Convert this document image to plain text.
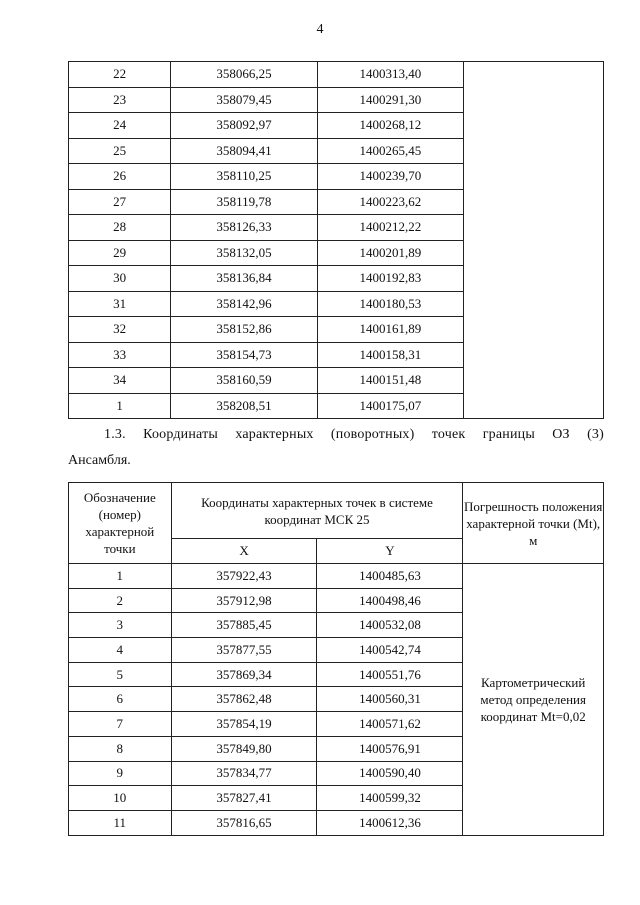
4
22	358066,25	1400313,40	
23	358079,45	1400291,30	
24	358092,97	1400268,12	
25	358094,41	1400265,45	
26	358110,25	1400239,70	
27	358119,78	1400223,62	
28	358126,33	1400212,22	
29	358132,05	1400201,89	
30	358136,84	1400192,83	
31	358142,96	1400180,53	
32	358152,86	1400161,89	
33	358154,73	1400158,31	
34	358160,59	1400151,48	
1	358208,51	1400175,07	
1.3. Координаты характерных (поворотных) точек границы ОЗ (3)
Ансамбля.
Обозначение (номер) характерной точки	Координаты характерных точек в системе координат МСК 25		Погрешность положения характерной точки (Mt), м
	X	Y	
1	357922,43	1400485,63	Картометрический метод определения координат Mt=0,02
2	357912,98	1400498,46	
3	357885,45	1400532,08	
4	357877,55	1400542,74	
5	357869,34	1400551,76	
6	357862,48	1400560,31	
7	357854,19	1400571,62	
8	357849,80	1400576,91	
9	357834,77	1400590,40	
10	357827,41	1400599,32	
11	357816,65	1400612,36	
